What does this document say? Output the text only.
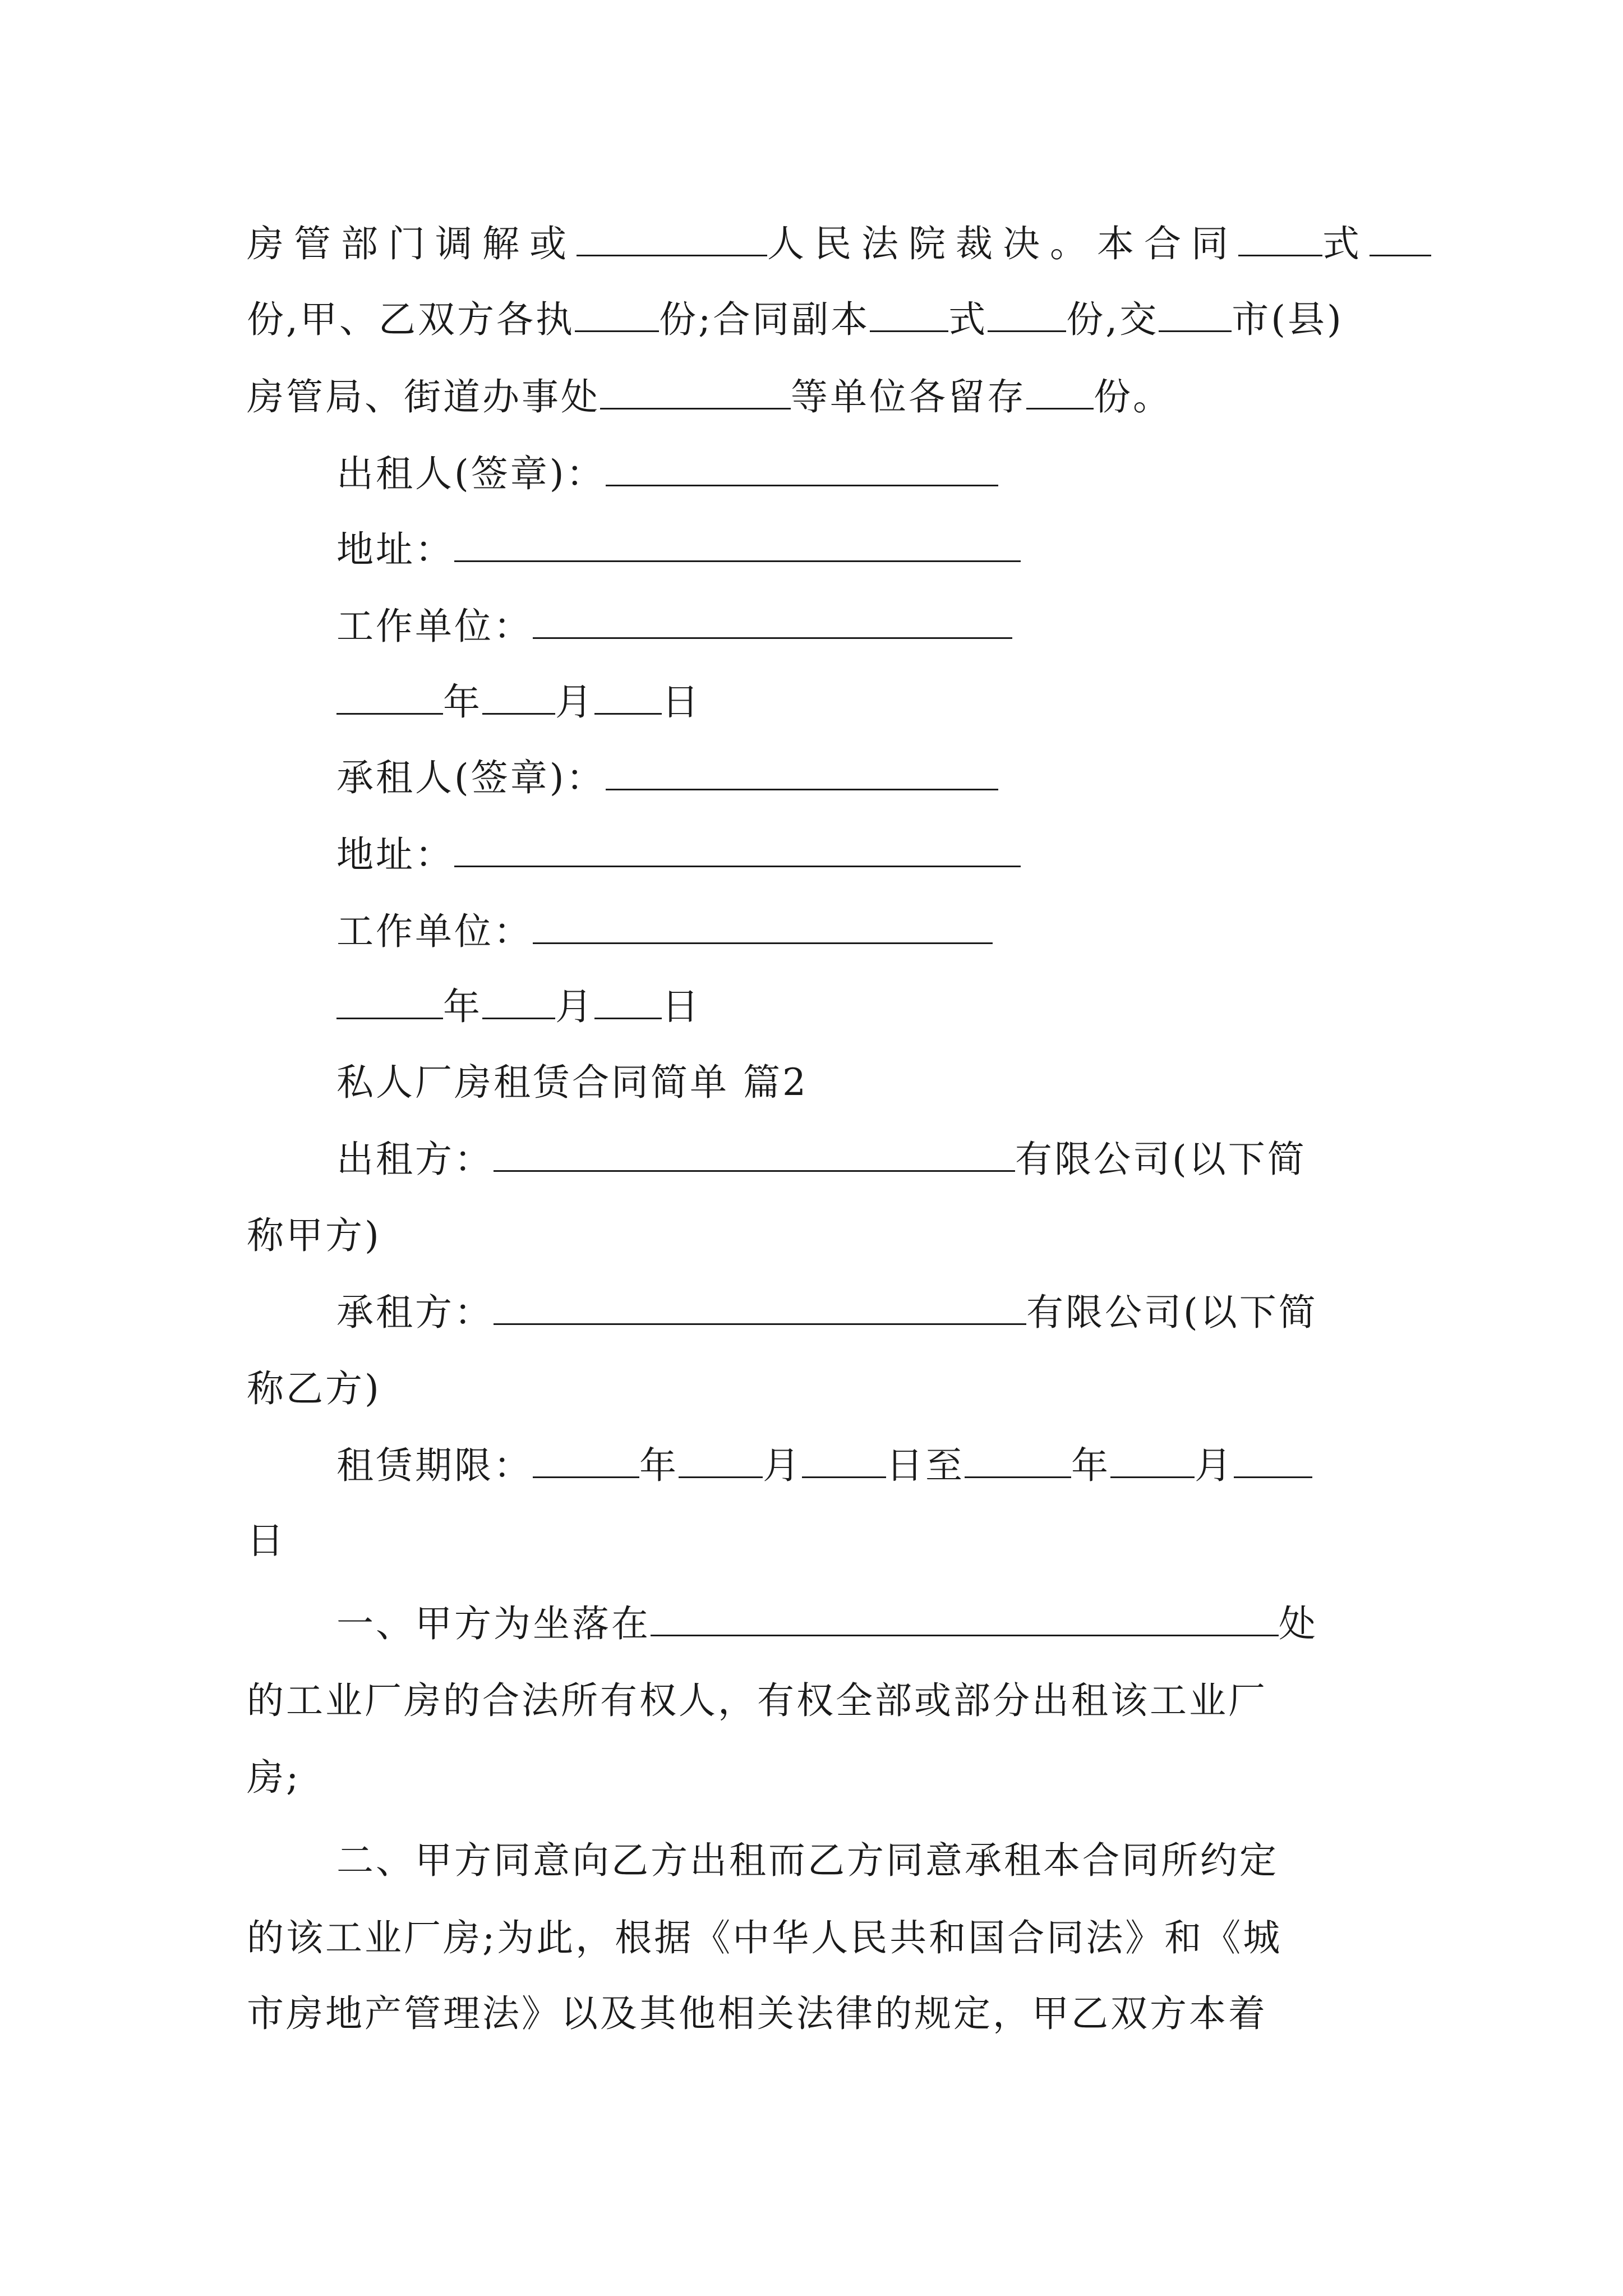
房管部门调解或	人民法院裁决。本合同 式
份,甲、乙双方各执 份;合同副本 式 份,交 市(县)
房管局、街道办事处	等单位各留存 份。
出租人(签章)：
地址：
工作单位：
年 月 日
承租人(签章)：
地址：
工作单位：
年 月 日
私人厂房租赁合同简单 篇2
出租方：	有限公司(以下简
称甲方)
承租方：	有限公司(以下简
称乙方)
租赁期限：	年 月 日至	年 月
日
一、甲方为坐落在	处
的工业厂房的合法所有权人，有权全部或部分出租该工业厂
房;
二、甲方同意向乙方出租而乙方同意承租本合同所约定
的该工业厂房;为此，根据《中华人民共和国合同法》和《城
市房地产管理法》以及其他相关法律的规定，甲乙双方本着
